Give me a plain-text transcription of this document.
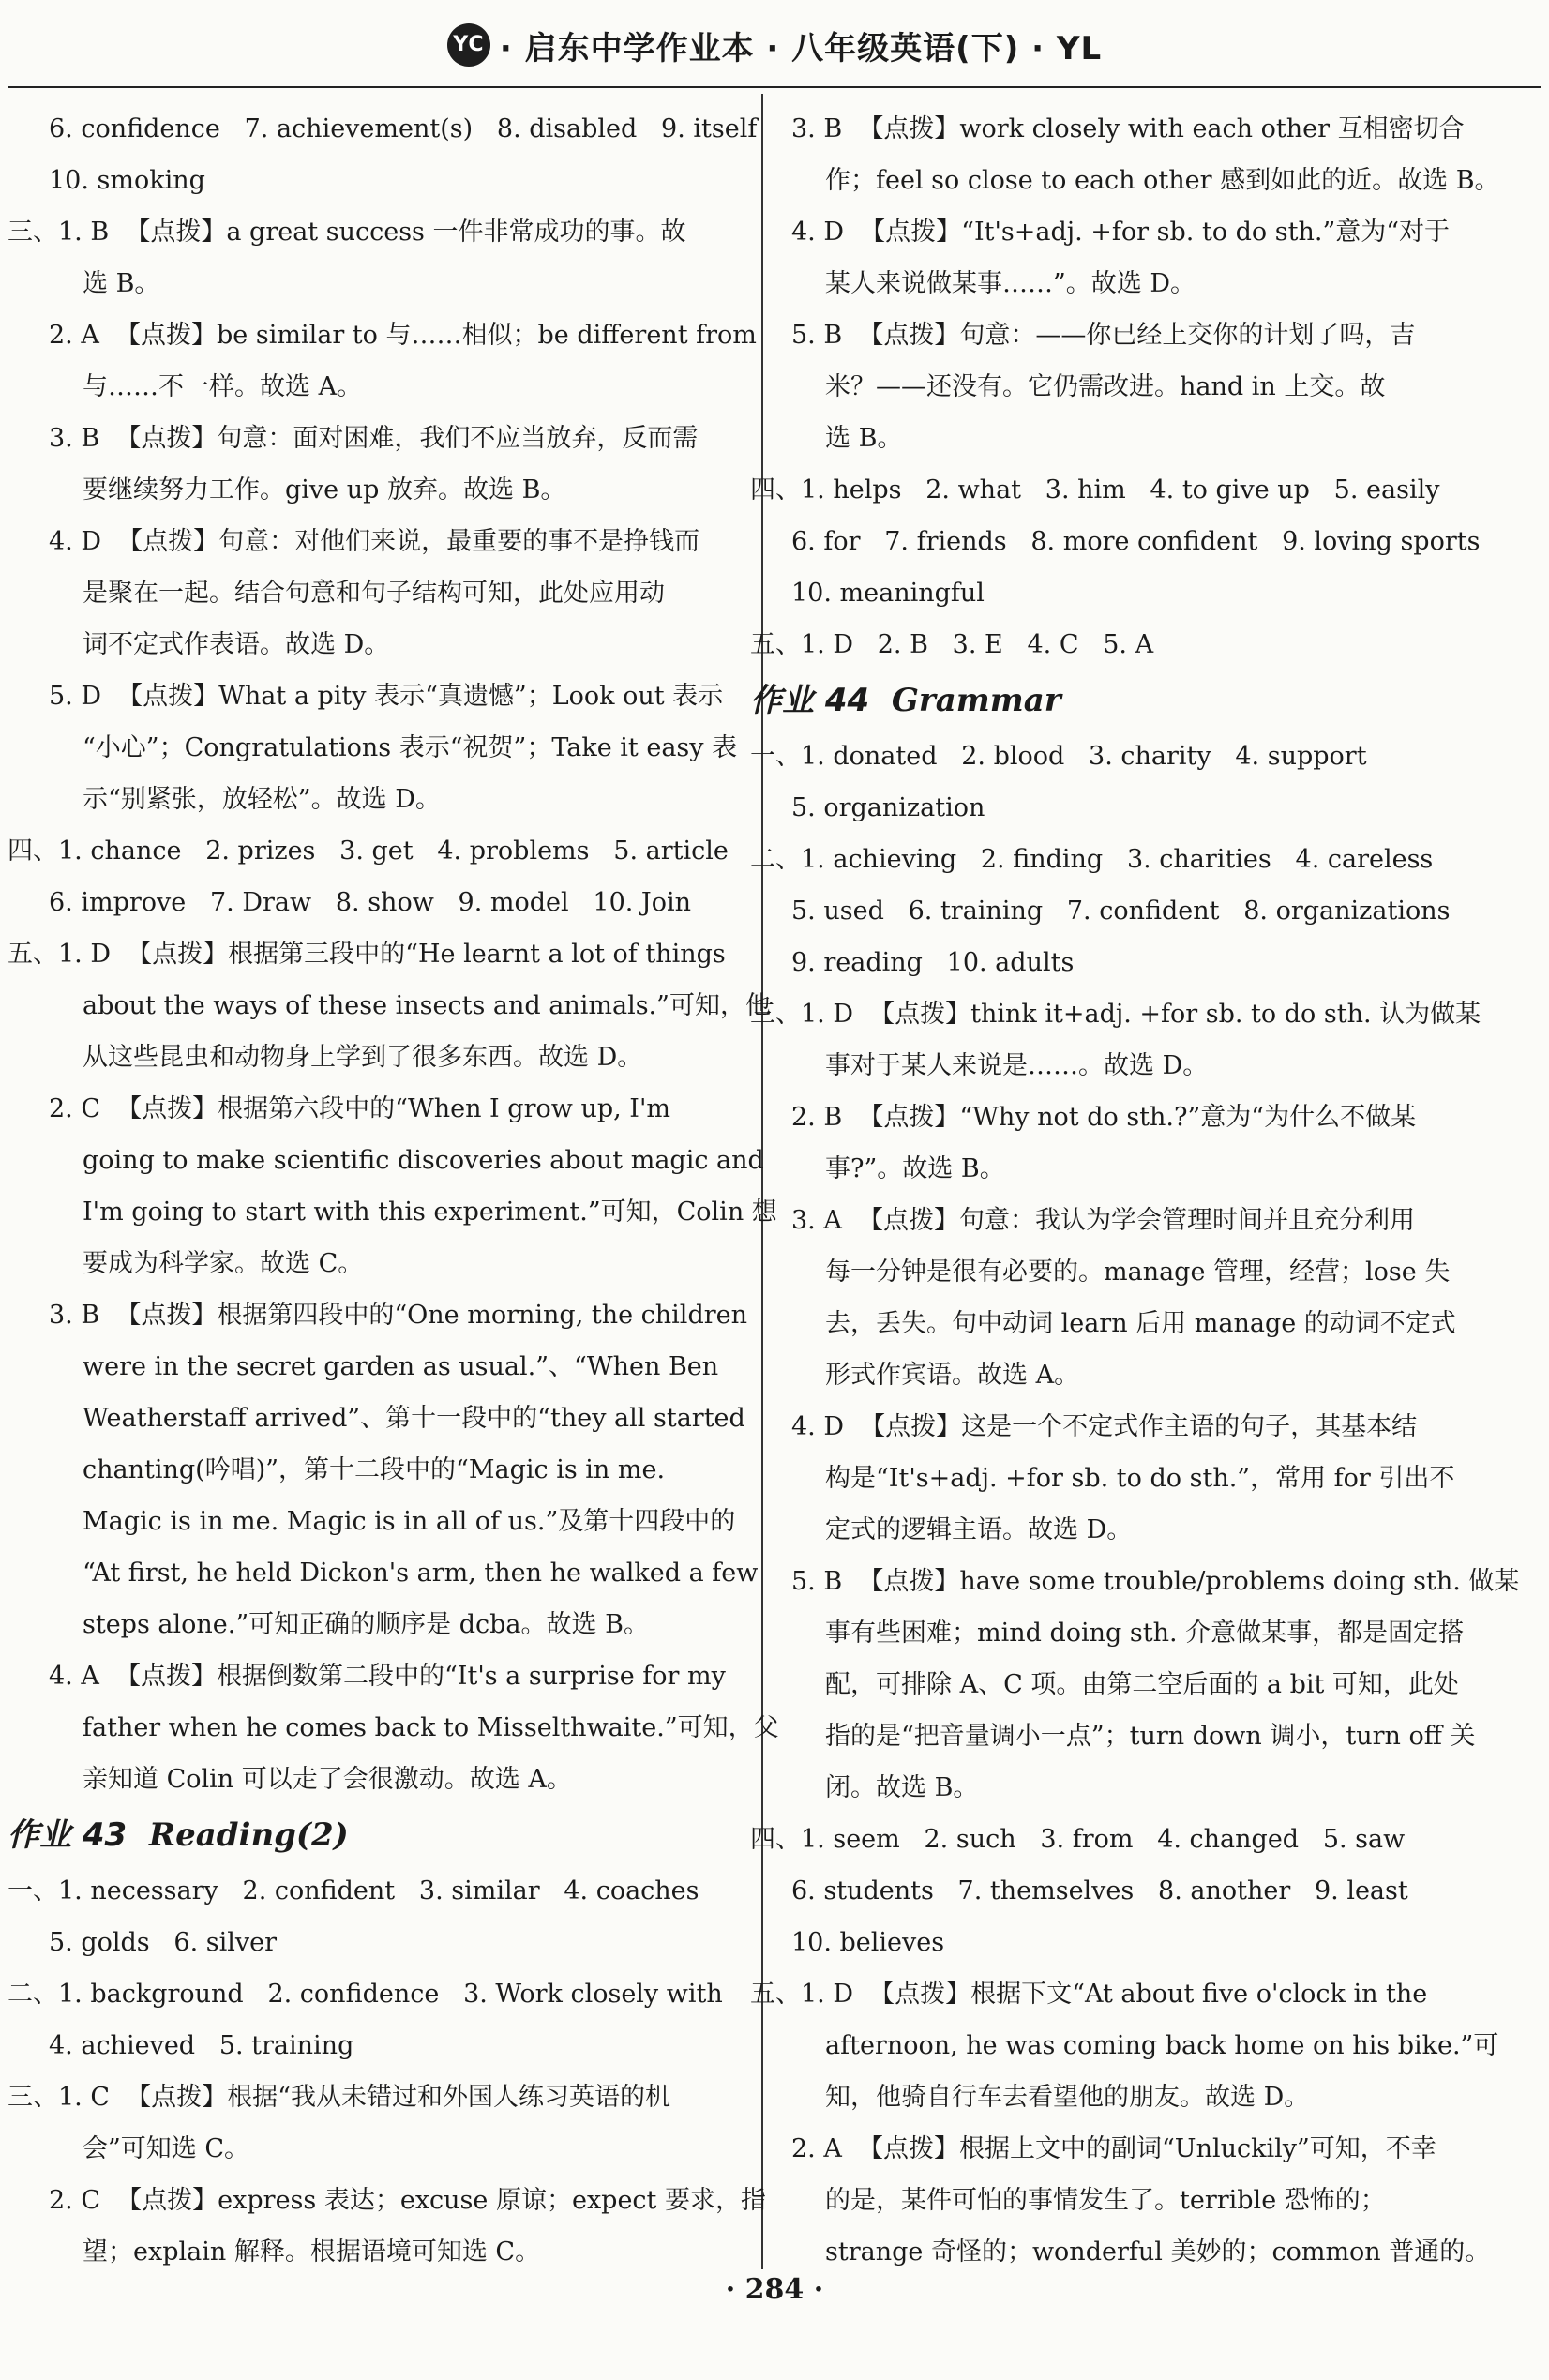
YC · 启东中学作业本 · 八年级英语(下) · YL
6. confidence   7. achievement(s)   8. disabled   9. itself
10. smoking
三、1. B  【点拨】a great success 一件非常成功的事。故
选 B。
2. A  【点拨】be similar to 与……相似；be different from
与……不一样。故选 A。
3. B  【点拨】句意：面对困难，我们不应当放弃，反而需
要继续努力工作。give up 放弃。故选 B。
4. D  【点拨】句意：对他们来说，最重要的事不是挣钱而
是聚在一起。结合句意和句子结构可知，此处应用动
词不定式作表语。故选 D。
5. D  【点拨】What a pity 表示“真遗憾”；Look out 表示
“小心”；Congratulations 表示“祝贺”；Take it easy 表
示“别紧张，放轻松”。故选 D。
四、1. chance   2. prizes   3. get   4. problems   5. article
6. improve   7. Draw   8. show   9. model   10. Join
五、1. D  【点拨】根据第三段中的“He learnt a lot of things
about the ways of these insects and animals.”可知，他
从这些昆虫和动物身上学到了很多东西。故选 D。
2. C  【点拨】根据第六段中的“When I grow up, I'm
going to make scientific discoveries about magic and
I'm going to start with this experiment.”可知，Colin 想
要成为科学家。故选 C。
3. B  【点拨】根据第四段中的“One morning, the children
were in the secret garden as usual.”、“When Ben
Weatherstaff arrived”、第十一段中的“they all started
chanting(吟唱)”，第十二段中的“Magic is in me.
Magic is in me. Magic is in all of us.”及第十四段中的
“At first, he held Dickon's arm, then he walked a few
steps alone.”可知正确的顺序是 dcba。故选 B。
4. A  【点拨】根据倒数第二段中的“It's a surprise for my
father when he comes back to Misselthwaite.”可知，父
亲知道 Colin 可以走了会很激动。故选 A。
作业 43  Reading(2)
一、1. necessary   2. confident   3. similar   4. coaches
5. golds   6. silver
二、1. background   2. confidence   3. Work closely with
4. achieved   5. training
三、1. C  【点拨】根据“我从未错过和外国人练习英语的机
会”可知选 C。
2. C  【点拨】express 表达；excuse 原谅；expect 要求，指
望；explain 解释。根据语境可知选 C。
3. B  【点拨】work closely with each other 互相密切合
作；feel so close to each other 感到如此的近。故选 B。
4. D  【点拨】“It's+adj. +for sb. to do sth.”意为“对于
某人来说做某事……”。故选 D。
5. B  【点拨】句意：——你已经上交你的计划了吗，吉
米？——还没有。它仍需改进。hand in 上交。故
选 B。
四、1. helps   2. what   3. him   4. to give up   5. easily
6. for   7. friends   8. more confident   9. loving sports
10. meaningful
五、1. D   2. B   3. E   4. C   5. A
作业 44  Grammar
一、1. donated   2. blood   3. charity   4. support
5. organization
二、1. achieving   2. finding   3. charities   4. careless
5. used   6. training   7. confident   8. organizations
9. reading   10. adults
三、1. D  【点拨】think it+adj. +for sb. to do sth. 认为做某
事对于某人来说是……。故选 D。
2. B  【点拨】“Why not do sth.?”意为“为什么不做某
事?”。故选 B。
3. A  【点拨】句意：我认为学会管理时间并且充分利用
每一分钟是很有必要的。manage 管理，经营；lose 失
去，丢失。句中动词 learn 后用 manage 的动词不定式
形式作宾语。故选 A。
4. D  【点拨】这是一个不定式作主语的句子，其基本结
构是“It's+adj. +for sb. to do sth.”，常用 for 引出不
定式的逻辑主语。故选 D。
5. B  【点拨】have some trouble/problems doing sth. 做某
事有些困难；mind doing sth. 介意做某事，都是固定搭
配，可排除 A、C 项。由第二空后面的 a bit 可知，此处
指的是“把音量调小一点”；turn down 调小，turn off 关
闭。故选 B。
四、1. seem   2. such   3. from   4. changed   5. saw
6. students   7. themselves   8. another   9. least
10. believes
五、1. D  【点拨】根据下文“At about five o'clock in the
afternoon, he was coming back home on his bike.”可
知，他骑自行车去看望他的朋友。故选 D。
2. A  【点拨】根据上文中的副词“Unluckily”可知，不幸
的是，某件可怕的事情发生了。terrible 恐怖的；
strange 奇怪的；wonderful 美妙的；common 普通的。
· 284 ·
